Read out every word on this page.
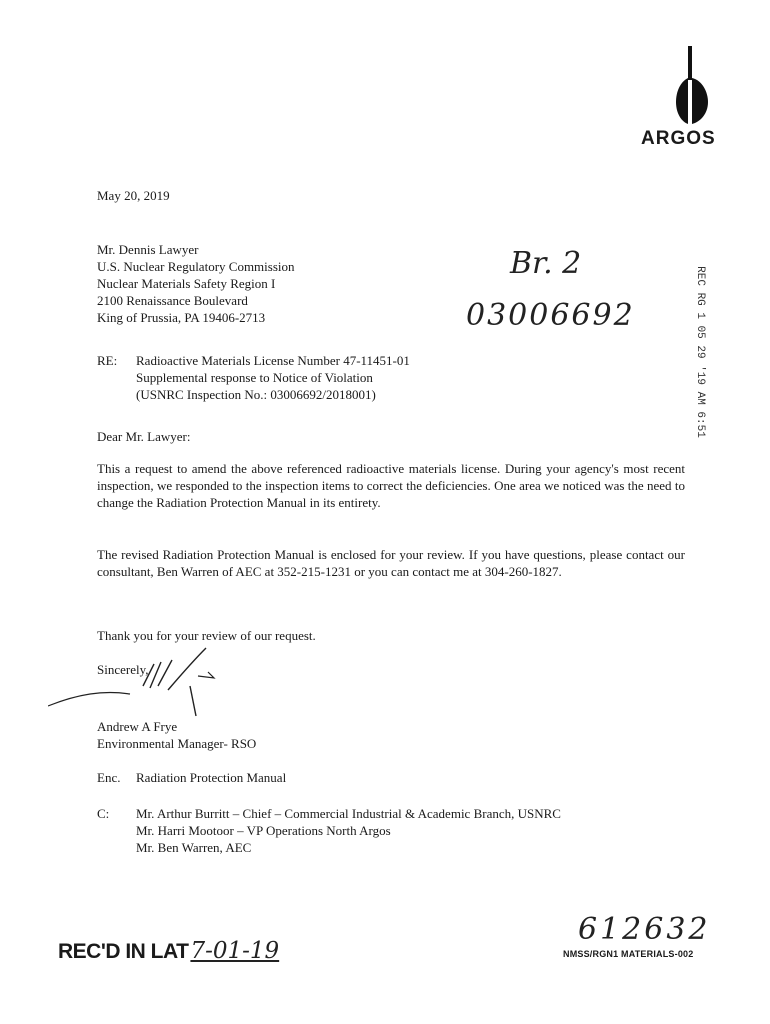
ARGOS
May 20, 2019
Mr. Dennis Lawyer
U.S. Nuclear Regulatory Commission
Nuclear Materials Safety Region I
2100 Renaissance Boulevard
King of Prussia, PA 19406-2713
Br. 2
03006692	REC RG 1 05 29 '19 AM 6:51
RE: Radioactive Materials License Number 47-11451-01
Supplemental response to Notice of Violation
(USNRC Inspection No.: 03006692/2018001)
Dear Mr. Lawyer:
This a request to amend the above referenced radioactive materials license. During your agency's most recent inspection, we responded to the inspection items to correct the deficiencies. One area we noticed was the need to change the Radiation Protection Manual in its entirety.
The revised Radiation Protection Manual is enclosed for your review. If you have questions, please contact our consultant, Ben Warren of AEC at 352-215-1231 or you can contact me at 304-260-1827.
Thank you for your review of our request.
Sincerely,
Andrew A Frye
Environmental Manager- RSO
Enc. Radiation Protection Manual
C: Mr. Arthur Burritt – Chief – Commercial Industrial & Academic Branch, USNRC
Mr. Harri Mootoor – VP Operations North Argos
Mr. Ben Warren, AEC
REC'D IN LAT7-01-19
612632
NMSS/RGN1 MATERIALS-002
